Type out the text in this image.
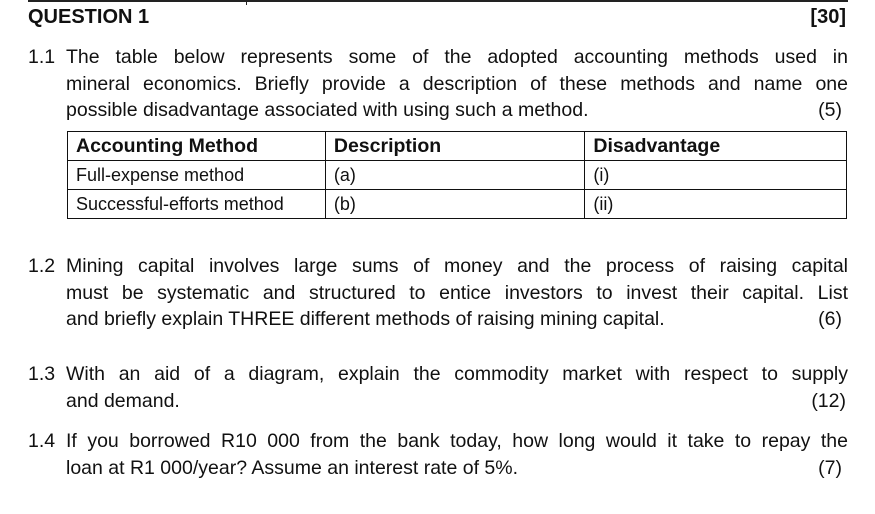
QUESTION 1	[30]
1.1 The table below represents some of the adopted accounting methods used in
mineral economics. Briefly provide a description of these methods and name one
possible disadvantage associated with using such a method.	(5)
Accounting Method	Description	Disadvantage
Full-expense method	(a)	(i)
Successful-efforts method	(b)	(ii)
1.2 Mining capital involves large sums of money and the process of raising capital
must be systematic and structured to entice investors to invest their capital. List
and briefly explain THREE different methods of raising mining capital.	(6)
1.3 With an aid of a diagram, explain the commodity market with respect to supply
and demand.	(12)
1.4 If you borrowed R10 000 from the bank today, how long would it take to repay the
loan at R1 000/year? Assume an interest rate of 5%.	(7)
